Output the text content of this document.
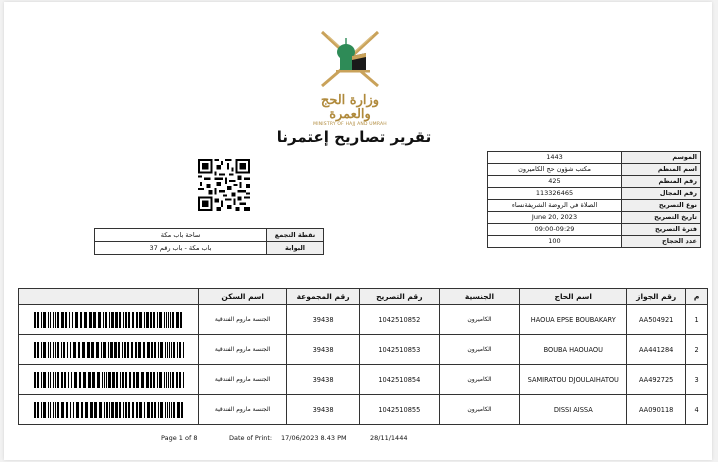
وزارة الحج والعمرة
MINISTRY OF HAJJ AND UMRAH
تقرير تصاريح إعتمرنا
1443	الموسم
مكتب شؤون حج الكاميرون	اسم المنظم
425	رقم المنظم
113326465	رقم المجال
الصلاة في الروضة الشريفةنساء	نوع التصريح
June 20, 2023	تاريخ التصريح
09:00-09:29	فترة التصريح
100	عدد الحجاج
ساحة باب مكة	نقطة التجمع
باب مكة - باب رقم 37	البوابة
	اسم السكن	رقم المجموعة	رقم التصريح	الجنسية	اسم الحاج	رقم الجواز	م

	الجنسة ماروم الفندقية	39438	1042510852	الكاميرون	HAOUA EPSE BOUBAKARY	AA504921	1

	الجنسة ماروم الفندقية	39438	1042510853	الكاميرون	BOUBA HAOUAOU	AA441284	2

	الجنسة ماروم الفندقية	39438	1042510854	الكاميرون	SAMIRATOU DJOULAIHATOU	AA492725	3

	الجنسة ماروم الفندقية	39438	1042510855	الكاميرون	DISSI AISSA	AA090118	4
Page 1 of 8	Date of Print: 17/06/2023 8.43 PM	28/11/1444
